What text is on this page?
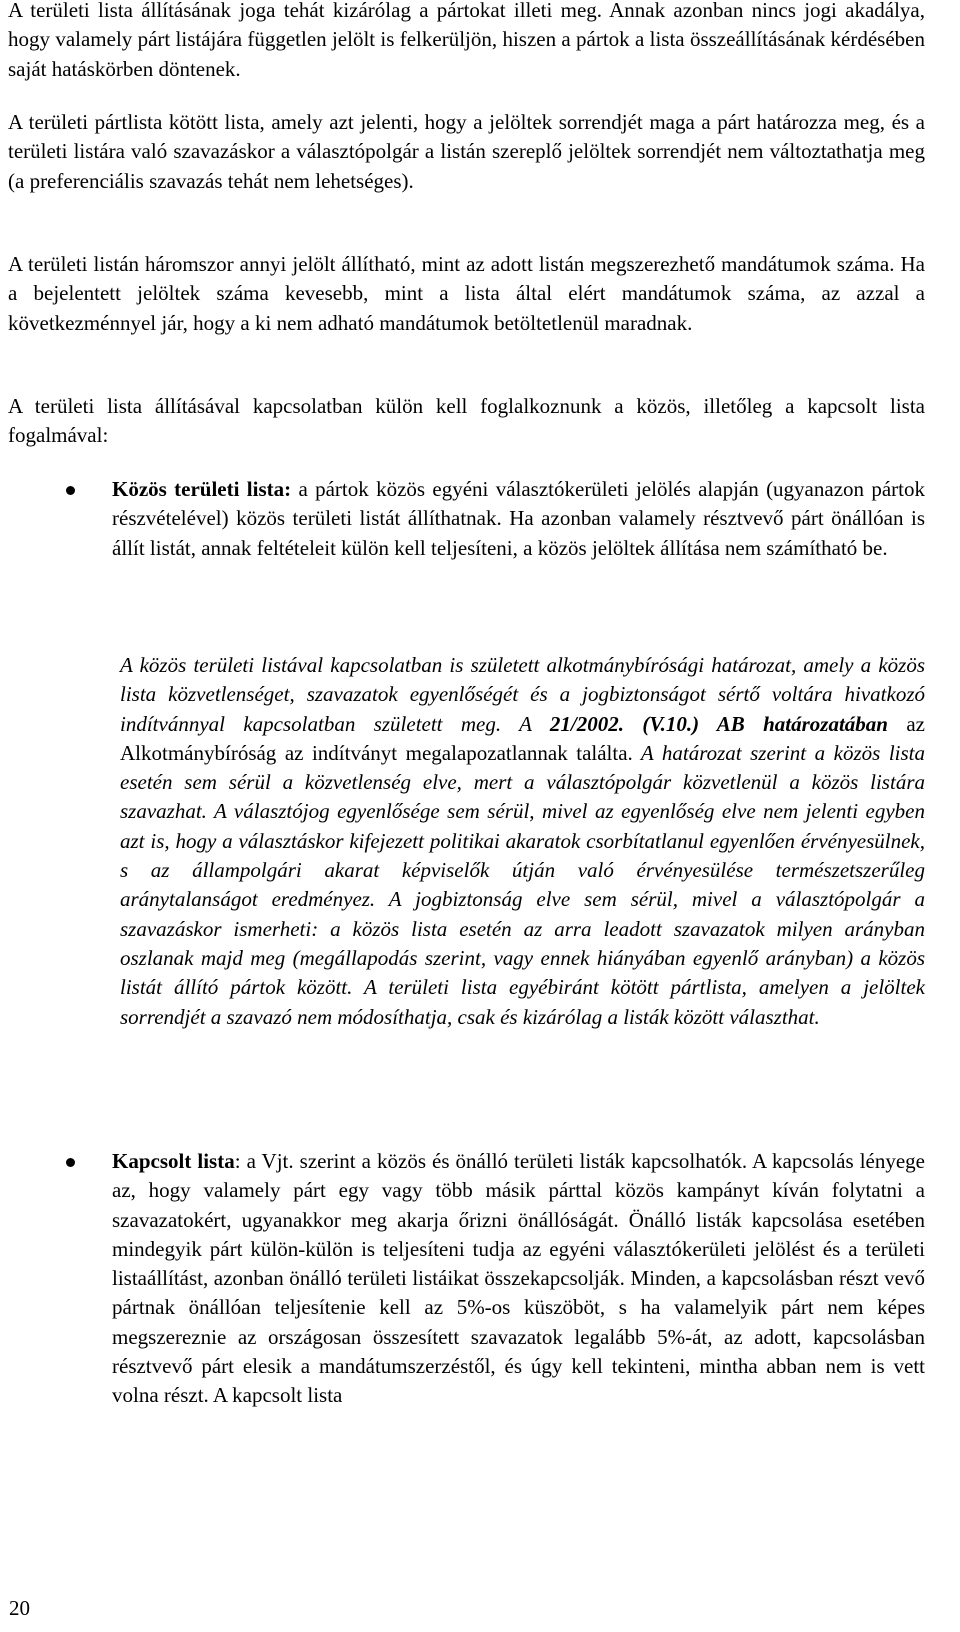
A területi lista állításának joga tehát kizárólag a pártokat illeti meg. Annak azonban nincs jogi akadálya, hogy valamely párt listájára független jelölt is felkerüljön, hiszen a pártok a lista összeállításának kérdésében saját hatáskörben döntenek.

A területi pártlista kötött lista, amely azt jelenti, hogy a jelöltek sorrendjét maga a párt határozza meg, és a területi listára való szavazáskor a választópolgár a listán szereplő jelöltek sorrendjét nem változtathatja meg (a preferenciális szavazás tehát nem lehetséges).

A területi listán háromszor annyi jelölt állítható, mint az adott listán megszerezhető mandátumok száma. Ha a bejelentett jelöltek száma kevesebb, mint a lista által elért mandátumok száma, az azzal a következménnyel jár, hogy a ki nem adható mandátumok betöltetlenül maradnak.

A területi lista állításával kapcsolatban külön kell foglalkoznunk a közös, illetőleg a kapcsolt lista fogalmával:

Közös területi lista: a pártok közös egyéni választókerületi jelölés alapján (ugyanazon pártok részvételével) közös területi listát állíthatnak. Ha azonban valamely résztvevő párt önállóan is állít listát, annak feltételeit külön kell teljesíteni, a közös jelöltek állítása nem számítható be.

A közös területi listával kapcsolatban is született alkotmánybírósági határozat, amely a közös lista közvetlenséget, szavazatok egyenlőségét és a jogbiztonságot sértő voltára hivatkozó indítvánnyal kapcsolatban született meg. A 21/2002. (V.10.) AB határozatában az Alkotmánybíróság az indítványt megalapozatlannak találta. A határozat szerint a közös lista esetén sem sérül a közvetlenség elve, mert a választópolgár közvetlenül a közös listára szavazhat. A választójog egyenlősége sem sérül, mivel az egyenlőség elve nem jelenti egyben azt is, hogy a választáskor kifejezett politikai akaratok csorbítatlanul egyenlően érvényesülnek, s az állampolgári akarat képviselők útján való érvényesülése természetszerűleg aránytalanságot eredményez. A jogbiztonság elve sem sérül, mivel a választópolgár a szavazáskor ismerheti: a közös lista esetén az arra leadott szavazatok milyen arányban oszlanak majd meg (megállapodás szerint, vagy ennek hiányában egyenlő arányban) a közös listát állító pártok között. A területi lista egyébiránt kötött pártlista, amelyen a jelöltek sorrendjét a szavazó nem módosíthatja, csak és kizárólag a listák között választhat.

Kapcsolt lista: a Vjt. szerint a közös és önálló területi listák kapcsolhatók. A kapcsolás lényege az, hogy valamely párt egy vagy több másik párttal közös kampányt kíván folytatni a szavazatokért, ugyanakkor meg akarja őrizni önállóságát. Önálló listák kapcsolása esetében mindegyik párt külön-külön is teljesíteni tudja az egyéni választókerületi jelölést és a területi listaállítást, azonban önálló területi listáikat összekapcsolják. Minden, a kapcsolásban részt vevő pártnak önállóan teljesítenie kell az 5%-os küszöböt, s ha valamelyik párt nem képes megszereznie az országosan összesített szavazatok legalább 5%-át, az adott, kapcsolásban résztvevő párt elesik a mandátumszerzéstől, és úgy kell tekinteni, mintha abban nem is vett volna részt. A kapcsolt lista

20
